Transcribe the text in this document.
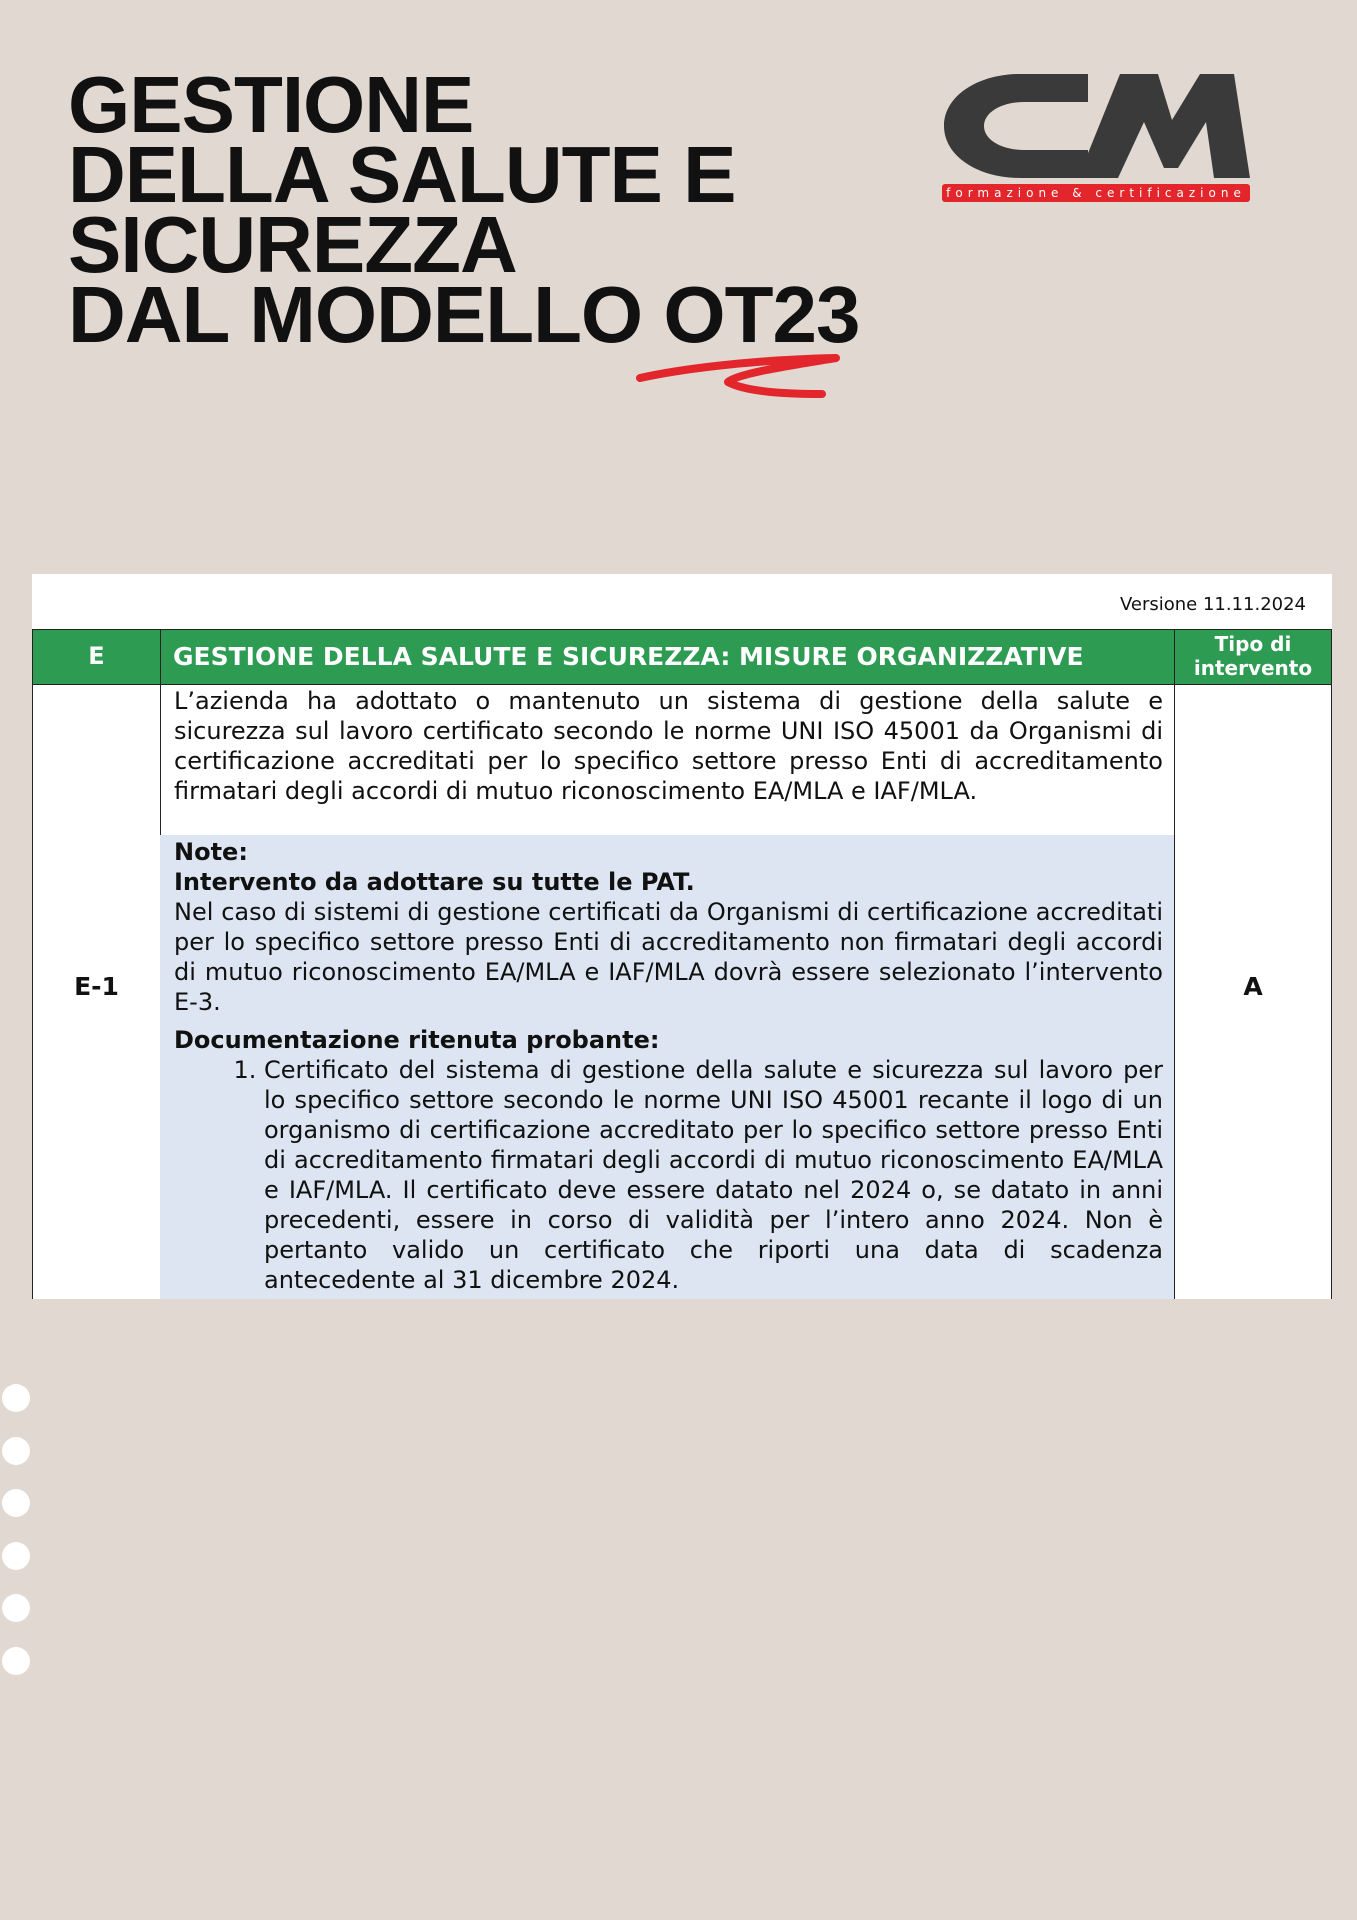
GESTIONE
DELLA SALUTE E
SICUREZZA
DAL MODELLO OT23
formazione & certificazione
Versione 11.11.2024
E	GESTIONE DELLA SALUTE E SICUREZZA: MISURE ORGANIZZATIVE	Tipo di intervento
E-1
L’azienda ha adottato o mantenuto un sistema di gestione della salute e sicurezza sul lavoro certificato secondo le norme UNI ISO 45001 da Organismi di certificazione accreditati per lo specifico settore presso Enti di accreditamento firmatari degli accordi di mutuo riconoscimento EA/MLA e IAF/MLA.

Note:

Intervento da adottare su tutte le PAT.

Nel caso di sistemi di gestione certificati da Organismi di certificazione accreditati per lo specifico settore presso Enti di accreditamento non firmatari degli accordi di mutuo riconoscimento EA/MLA e IAF/MLA dovrà essere selezionato l’intervento E-3.

Documentazione ritenuta probante:

1. Certificato del sistema di gestione della salute e sicurezza sul lavoro per lo specifico settore secondo le norme UNI ISO 45001 recante il logo di un organismo di certificazione accreditato per lo specifico settore presso Enti di accreditamento firmatari degli accordi di mutuo riconoscimento EA/MLA e IAF/MLA. Il certificato deve essere datato nel 2024 o, se datato in anni precedenti, essere in corso di validità per l’intero anno 2024. Non è pertanto valido un certificato che riporti una data di scadenza antecedente al 31 dicembre 2024.
A
